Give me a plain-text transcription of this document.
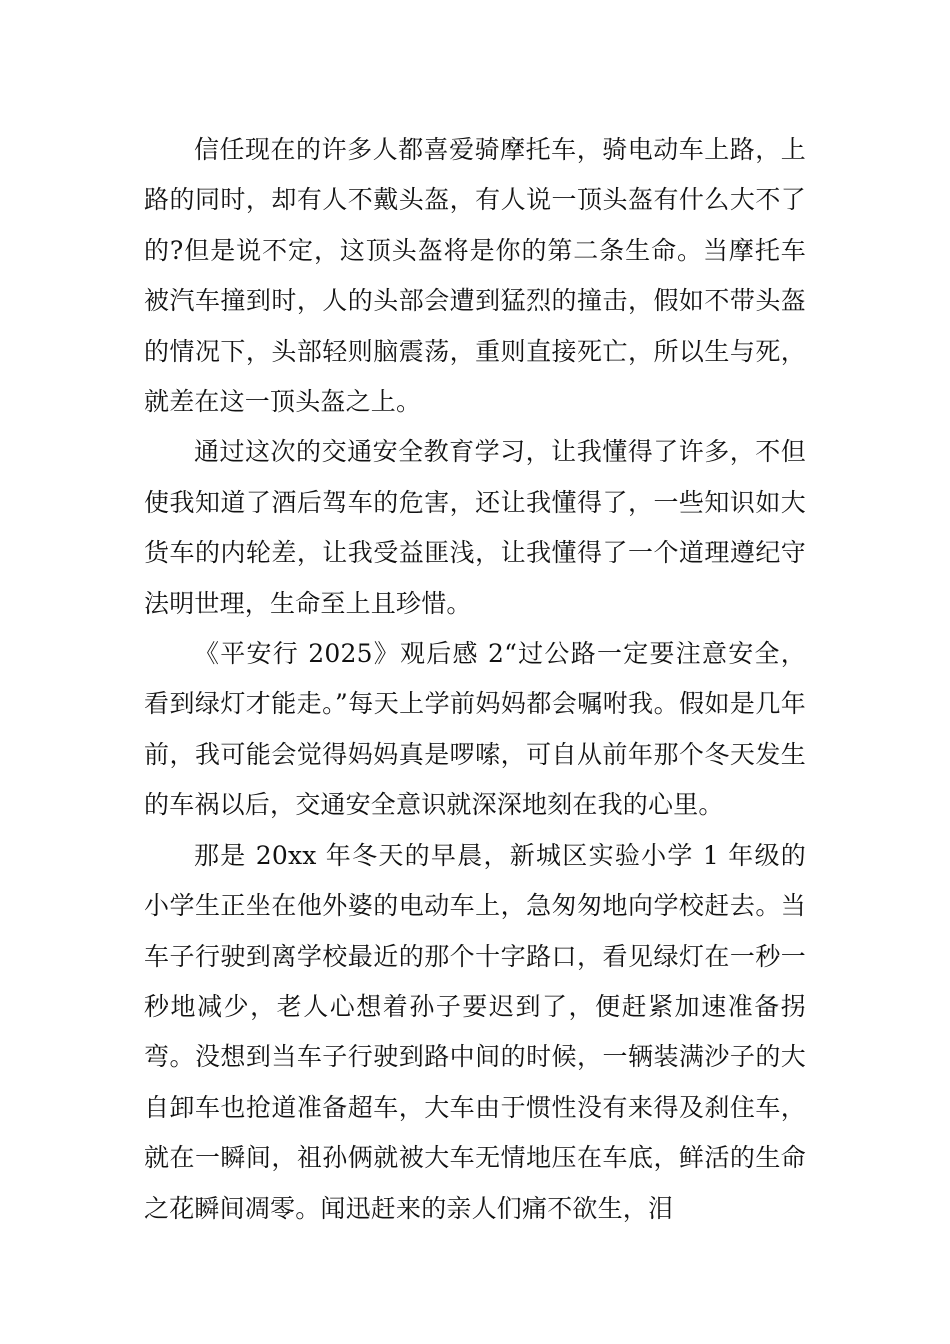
信任现在的许多人都喜爱骑摩托车，骑电动车上路，上路的同时，却有人不戴头盔，有人说一顶头盔有什么大不了的?但是说不定，这顶头盔将是你的第二条生命。当摩托车被汽车撞到时，人的头部会遭到猛烈的撞击，假如不带头盔的情况下，头部轻则脑震荡，重则直接死亡，所以生与死，就差在这一顶头盔之上。

通过这次的交通安全教育学习，让我懂得了许多，不但使我知道了酒后驾车的危害，还让我懂得了，一些知识如大货车的内轮差，让我受益匪浅，让我懂得了一个道理遵纪守法明世理，生命至上且珍惜。

《平安行 2025》观后感 2“过公路一定要注意安全，看到绿灯才能走。”每天上学前妈妈都会嘱咐我。假如是几年前，我可能会觉得妈妈真是啰嗦，可自从前年那个冬天发生的车祸以后，交通安全意识就深深地刻在我的心里。

那是 20xx 年冬天的早晨，新城区实验小学 1 年级的小学生正坐在他外婆的电动车上，急匆匆地向学校赶去。当车子行驶到离学校最近的那个十字路口，看见绿灯在一秒一秒地减少，老人心想着孙子要迟到了，便赶紧加速准备拐弯。没想到当车子行驶到路中间的时候，一辆装满沙子的大自卸车也抢道准备超车，大车由于惯性没有来得及刹住车，就在一瞬间，祖孙俩就被大车无情地压在车底，鲜活的生命之花瞬间凋零。闻迅赶来的亲人们痛不欲生，泪
